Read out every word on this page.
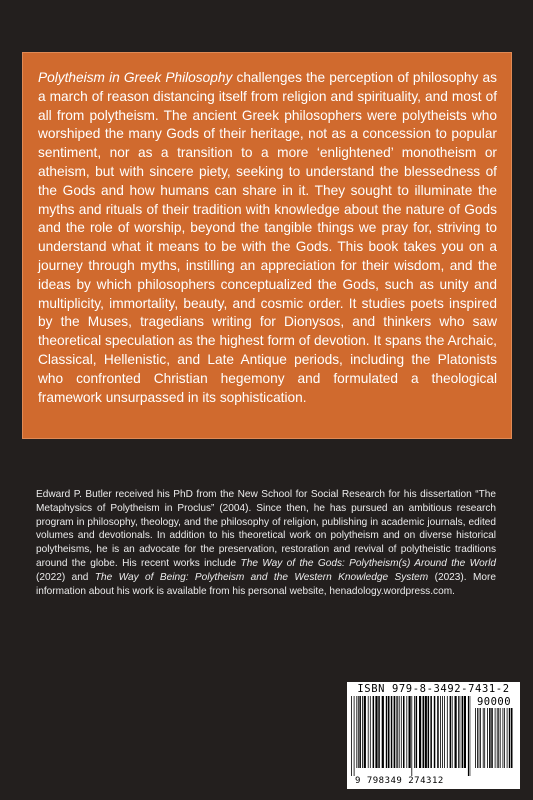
Polytheism in Greek Philosophy challenges the perception of philosophy as a march of reason distancing itself from religion and spirituality, and most of all from polytheism. The ancient Greek philosophers were polytheists who worshiped the many Gods of their heritage, not as a concession to popular sentiment, nor as a transition to a more ‘enlightened’ monotheism or atheism, but with sincere piety, seeking to understand the blessedness of the Gods and how humans can share in it. They sought to illuminate the myths and rituals of their tradition with knowledge about the nature of Gods and the role of worship, beyond the tangible things we pray for, striving to understand what it means to be with the Gods. This book takes you on a journey through myths, instilling an appreciation for their wisdom, and the ideas by which philosophers conceptualized the Gods, such as unity and multiplicity, immortality, beauty, and cosmic order. It studies poets inspired by the Muses, tragedians writing for Dionysos, and thinkers who saw theoretical speculation as the highest form of devotion. It spans the Archaic, Classical, Hellenistic, and Late Antique periods, including the Platonists who confronted Christian hegemony and formulated a theological framework unsurpassed in its sophistication.

Edward P. Butler received his PhD from the New School for Social Research for his dissertation “The Metaphysics of Polytheism in Proclus” (2004). Since then, he has pursued an ambitious research program in philosophy, theology, and the philosophy of religion, publishing in academic journals, edited volumes and devotionals. In addition to his theoretical work on polytheism and on diverse historical polytheisms, he is an advocate for the preservation, restoration and revival of polytheistic traditions around the globe. His recent works include The Way of the Gods: Polytheism(s) Around the World (2022) and The Way of Being: Polytheism and the Western Knowledge System (2023). More information about his work is available from his personal website, henadology.wordpress.com.

ISBN 979-8-3492-7431-2
90000
9 798349 274312
